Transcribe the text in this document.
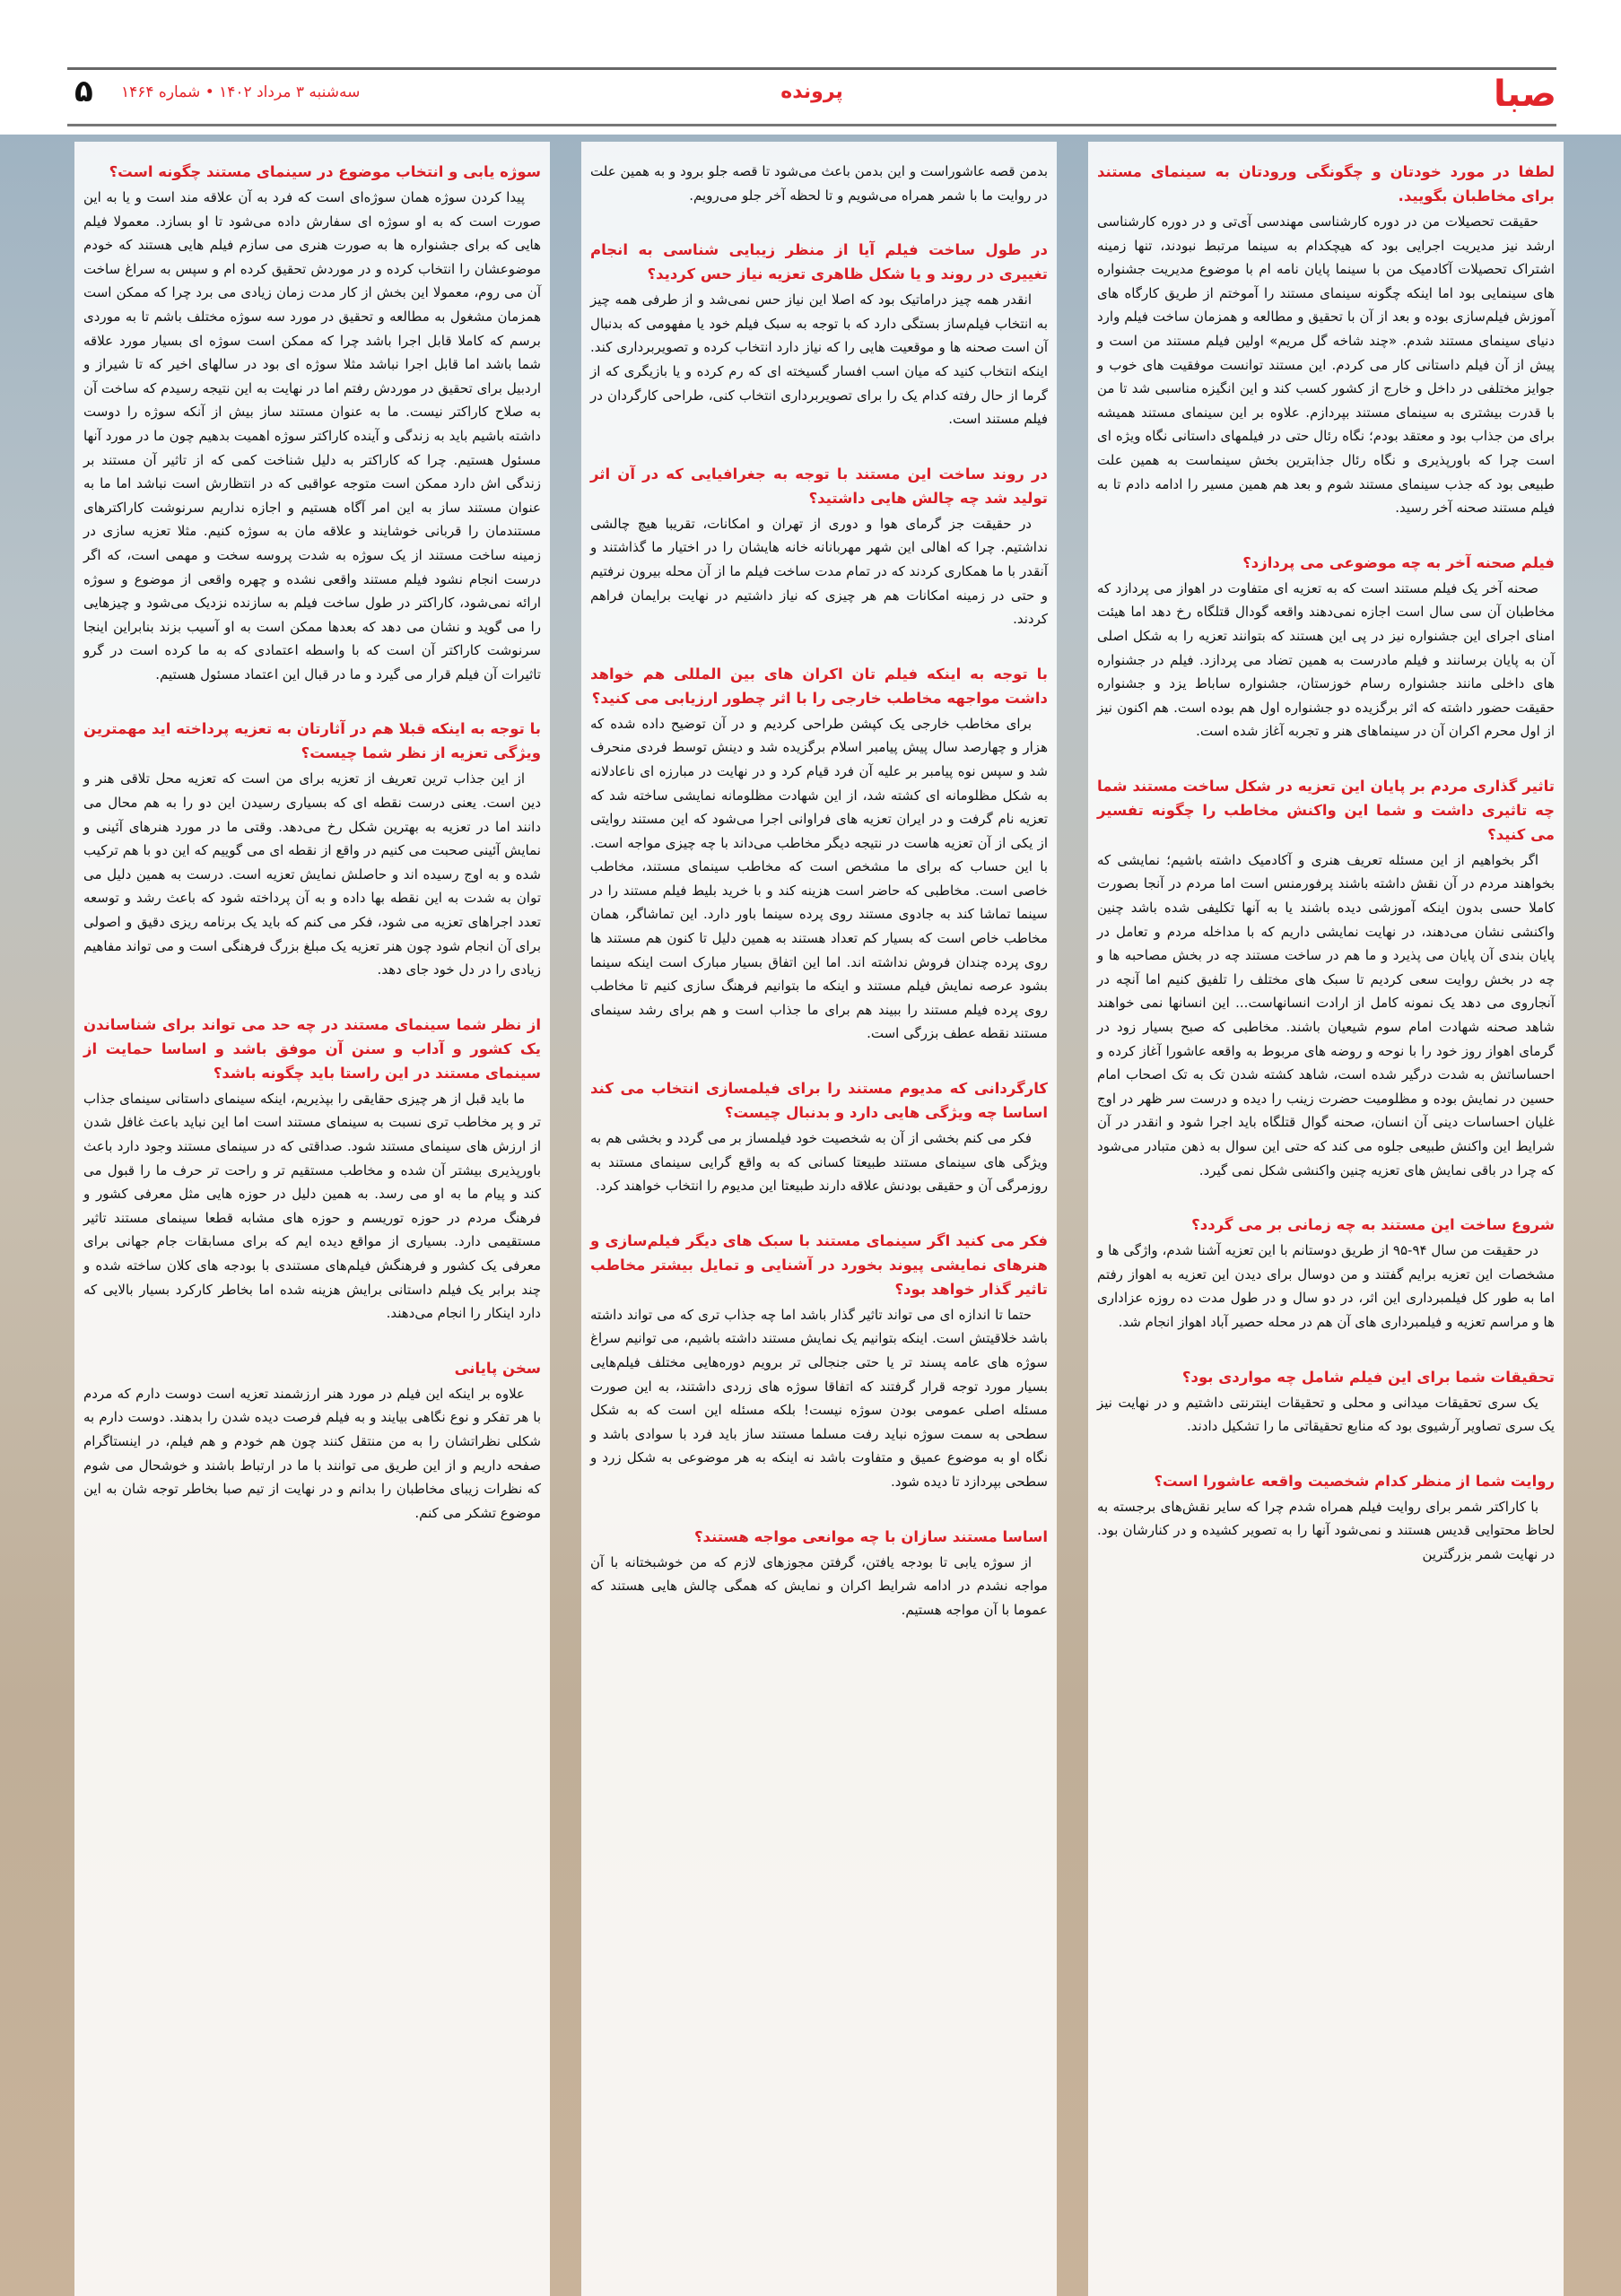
صبا
پرونده
سه‌شنبه ۳ مرداد ۱۴۰۲ • شماره ۱۴۶۴
۵
لطفا در مورد خودتان و چگونگی ورودتان به سینمای مستند برای مخاطبان بگویید.
حقیقت تحصیلات من در دوره کارشناسی مهندسی آی‌تی و در دوره کارشناسی ارشد نیز مدیریت اجرایی بود که هیچکدام به سینما مرتبط نبودند، تنها زمینه اشتراک تحصیلات آکادمیک من با سینما پایان نامه ام با موضوع مدیریت جشنواره های سینمایی بود اما اینکه چگونه سینمای مستند را آموختم از طریق کارگاه های آموزش فیلم‌سازی بوده و بعد از آن با تحقیق و مطالعه و همزمان ساخت فیلم وارد دنیای سینمای مستند شدم. «چند شاخه گل مریم» اولین فیلم مستند من است و پیش از آن فیلم داستانی کار می کردم. این مستند توانست موفقیت های خوب و جوایز مختلفی در داخل و خارج از کشور کسب کند و این انگیزه مناسبی شد تا من با قدرت بیشتری به سینمای مستند بپردازم. علاوه بر این سینمای مستند همیشه برای من جذاب بود و معتقد بودم؛ نگاه رئال حتی در فیلمهای داستانی نگاه ویژه ای است چرا که باورپذیری و نگاه رئال جذابترین بخش سینماست به همین علت طبیعی بود که جذب سینمای مستند شوم و بعد هم همین مسیر را ادامه دادم تا به فیلم مستند صحنه آخر رسید.
فیلم صحنه آخر به چه موضوعی می پردازد؟
صحنه آخر یک فیلم مستند است که به تعزیه ای متفاوت در اهواز می پردازد که مخاطبان آن سی سال است اجازه نمی‌دهند واقعه گودال قتلگاه رخ دهد اما هیئت امنای اجرای این جشنواره نیز در پی این هستند که بتوانند تعزیه را به شکل اصلی آن به پایان برسانند و فیلم مادرست به همین تضاد می پردازد. فیلم در جشنواره های داخلی مانند جشنواره رسام خوزستان، جشنواره ساباط یزد و جشنواره حقیقت حضور داشته که اثر برگزیده دو جشنواره اول هم بوده است. هم اکنون نیز از اول محرم اکران آن در سینماهای هنر و تجربه آغاز شده است.
تاثیر گذاری مردم بر پایان این تعزیه در شکل ساخت مستند شما چه تاثیری داشت و شما این واکنش مخاطب را چگونه تفسیر می کنید؟
اگر بخواهیم از این مسئله تعریف هنری و آکادمیک داشته باشیم؛ نمایشی که بخواهند مردم در آن نقش داشته باشند پرفورمنس است اما مردم در آنجا بصورت کاملا حسی بدون اینکه آموزشی دیده باشند یا به آنها تکلیفی شده باشد چنین واکنشی نشان می‌دهند، در نهایت نمایشی داریم که با مداخله مردم و تعامل در پایان بندی آن پایان می پذیرد و ما هم در ساخت مستند چه در بخش مصاحبه ها و چه در بخش روایت سعی کردیم تا سبک های مختلف را تلفیق کنیم اما آنچه در آنجاروی می دهد یک نمونه کامل از ارادت انسانهاست... این انسانها نمی خواهند شاهد صحنه شهادت امام سوم شیعیان باشند. مخاطبی که صبح بسیار زود در گرمای اهواز روز خود را با نوحه و روضه های مربوط به واقعه عاشورا آغاز کرده و احساساتش به شدت درگیر شده است، شاهد کشته شدن تک به تک اصحاب امام حسین در نمایش بوده و مظلومیت حضرت زینب را دیده و درست سر ظهر در اوج غلیان احساسات دینی آن انسان، صحنه گوال قتلگاه باید اجرا شود و انقدر در آن شرایط این واکنش طبیعی جلوه می کند که حتی این سوال به ذهن متبادر می‌شود که چرا در باقی نمایش های تعزیه چنین واکنشی شکل نمی گیرد.
شروع ساخت این مستند به چه زمانی بر می گردد؟
در حقیقت من سال ۹۴-۹۵ از طریق دوستانم با این تعزیه آشنا شدم، واژگی ها و مشخصات این تعزیه برایم گفتند و من دوسال برای دیدن این تعزیه به اهواز رفتم اما به طور کل فیلمبرداری این اثر، در دو سال و در طول مدت ده روزه عزاداری ها و مراسم تعزیه و فیلمبرداری های آن هم در محله حصیر آباد اهواز انجام شد.
تحقیقات شما برای این فیلم شامل چه مواردی بود؟
یک سری تحقیقات میدانی و محلی و تحقیقات اینترنتی داشتیم و در نهایت نیز یک سری تصاویر آرشیوی بود که منابع تحقیقاتی ما را تشکیل دادند.
روایت شما از منظر کدام شخصیت واقعه عاشورا است؟
با کاراکتر شمر برای روایت فیلم همراه شدم چرا که سایر نقش‌های برجسته به لحاظ محتوایی قدیس هستند و نمی‌شود آنها را به تصویر کشیده و در کنارشان بود. در نهایت شمر بزرگترین
بدمن قصه عاشوراست و این بدمن باعث می‌شود تا قصه جلو برود و به همین علت در روایت ما با شمر همراه می‌شویم و تا لحظه آخر جلو می‌رویم.
در طول ساخت فیلم آیا از منظر زیبایی شناسی به انجام تغییری در روند و یا شکل ظاهری تعزیه نیاز حس کردید؟
انقدر همه چیز دراماتیک بود که اصلا این نیاز حس نمی‌شد و از طرفی همه چیز به انتخاب فیلم‌ساز بستگی دارد که با توجه به سبک فیلم خود یا مفهومی که بدنبال آن است صحنه ها و موقعیت هایی را که نیاز دارد انتخاب کرده و تصویربرداری کند. اینکه انتخاب کنید که میان اسب افسار گسیخته ای که رم کرده و یا بازیگری که از گرما از حال رفته کدام یک را برای تصویربرداری انتخاب کنی، طراحی کارگردان در فیلم مستند است.
در روند ساخت این مستند با توجه به جغرافیایی که در آن اثر تولید شد چه چالش هایی داشتید؟
در حقیقت جز گرمای هوا و دوری از تهران و امکانات، تقریبا هیچ چالشی نداشتیم. چرا که اهالی این شهر مهربانانه خانه هایشان را در اختیار ما گذاشتند و آنقدر با ما همکاری کردند که در تمام مدت ساخت فیلم ما از آن محله بیرون نرفتیم و حتی در زمینه امکانات هم هر چیزی که نیاز داشتیم در نهایت برایمان فراهم کردند.
با توجه به اینکه فیلم تان اکران های بین المللی هم خواهد داشت مواجهه مخاطب خارجی را با اثر چطور ارزیابی می کنید؟
برای مخاطب خارجی یک کپشن طراحی کردیم و در آن توضیح داده شده که هزار و چهارصد سال پیش پیامبر اسلام برگزیده شد و دینش توسط فردی منحرف شد و سپس نوه پیامبر بر علیه آن فرد قیام کرد و در نهایت در مبارزه ای ناعادلانه به شکل مظلومانه ای کشته شد، از این شهادت مظلومانه نمایشی ساخته شد که تعزیه نام گرفت و در ایران تعزیه های فراوانی اجرا می‌شود که این مستند روایتی از یکی از آن تعزیه هاست در نتیجه دیگر مخاطب می‌داند با چه چیزی مواجه است. با این حساب که برای ما مشخص است که مخاطب سینمای مستند، مخاطب خاصی است. مخاطبی که حاضر است هزینه کند و با خرید بلیط فیلم مستند را در سینما تماشا کند به جادوی مستند روی پرده سینما باور دارد. این تماشاگر، همان مخاطب خاص است که بسیار کم تعداد هستند به همین دلیل تا کنون هم مستند ها روی پرده چندان فروش نداشته اند. اما این اتفاق بسیار مبارک است اینکه سینما بشود عرصه نمایش فیلم مستند و اینکه ما بتوانیم فرهنگ سازی کنیم تا مخاطب روی پرده فیلم مستند را ببیند هم برای ما جذاب است و هم برای رشد سینمای مستند نقطه عطف بزرگی است.
کارگردانی که مدیوم مستند را برای فیلمسازی انتخاب می کند اساسا چه ویژگی هایی دارد و بدنبال چیست؟
فکر می کنم بخشی از آن به شخصیت خود فیلمساز بر می گردد و بخشی هم به ویژگی های سینمای مستند طبیعتا کسانی که به واقع گرایی سینمای مستند به روزمرگی آن و حقیقی بودنش علاقه دارند طبیعتا این مدیوم را انتخاب خواهند کرد.
فکر می کنید اگر سینمای مستند با سبک های دیگر فیلم‌سازی و هنرهای نمایشی پیوند بخورد در آشنایی و تمایل بیشتر مخاطب تاثیر گذار خواهد بود؟
حتما تا اندازه ای می تواند تاثیر گذار باشد اما چه جذاب تری که می تواند داشته باشد خلاقیتش است. اینکه بتوانیم یک نمایش مستند داشته باشیم، می توانیم سراغ سوژه های عامه پسند تر یا حتی جنجالی تر برویم دوره‌هایی مختلف فیلم‌هایی بسیار مورد توجه قرار گرفتند که اتفاقا سوژه های زردی داشتند، به این صورت مسئله اصلی عمومی بودن سوژه نیست! بلکه مسئله این است که به شکل سطحی به سمت سوژه نباید رفت مسلما مستند ساز باید فرد با سوادی باشد و نگاه او به موضوع عمیق و متفاوت باشد نه اینکه به هر موضوعی به شکل زرد و سطحی بپردازد تا دیده شود.
اساسا مستند سازان با چه موانعی مواجه هستند؟
از سوژه یابی تا بودجه یافتن، گرفتن مجوزهای لازم که من خوشبختانه با آن مواجه نشدم در ادامه شرایط اکران و نمایش که همگی چالش هایی هستند که عموما با آن مواجه هستیم.
سوژه یابی و انتخاب موضوع در سینمای مستند چگونه است؟
پیدا کردن سوژه همان سوژه‌ای است که فرد به آن علاقه مند است و یا به این صورت است که به او سوژه ای سفارش داده می‌شود تا او بسازد. معمولا فیلم هایی که برای جشنواره ها به صورت هنری می سازم فیلم هایی هستند که خودم موضوعشان را انتخاب کرده و در موردش تحقیق کرده ام و سپس به سراغ ساخت آن می روم، معمولا این بخش از کار مدت زمان زیادی می برد چرا که ممکن است همزمان مشغول به مطالعه و تحقیق در مورد سه سوژه مختلف باشم تا به موردی برسم که کاملا قابل اجرا باشد چرا که ممکن است سوژه ای بسیار مورد علاقه شما باشد اما قابل اجرا نباشد مثلا سوژه ای بود در سالهای اخیر که تا شیراز و اردبیل برای تحقیق در موردش رفتم اما در نهایت به این نتیجه رسیدم که ساخت آن به صلاح کاراکتر نیست. ما به عنوان مستند ساز بیش از آنکه سوژه را دوست داشته باشیم باید به زندگی و آینده کاراکتر سوژه اهمیت بدهیم چون ما در مورد آنها مسئول هستیم. چرا که کاراکتر به دلیل شناخت کمی که از تاثیر آن مستند بر زندگی اش دارد ممکن است متوجه عواقبی که در انتظارش است نباشد اما ما به عنوان مستند ساز به این امر آگاه هستیم و اجازه نداریم سرنوشت کاراکترهای مستندمان را قربانی خوشایند و علاقه مان به سوژه کنیم. مثلا تعزیه سازی در زمینه ساخت مستند از یک سوژه به شدت پروسه سخت و مهمی است، که اگر درست انجام نشود فیلم مستند واقعی نشده و چهره واقعی از موضوع و سوژه ارائه نمی‌شود، کاراکتر در طول ساخت فیلم به سازنده نزدیک می‌شود و چیزهایی را می گوید و نشان می دهد که بعدها ممکن است به او آسیب بزند بنابراین اینجا سرنوشت کاراکتر آن است که با واسطه اعتمادی که به ما کرده است در گرو تاثیرات آن فیلم قرار می گیرد و ما در قبال این اعتماد مسئول هستیم.
با توجه به اینکه قبلا هم در آثارتان به تعزیه پرداخته اید مهمترین ویژگی تعزیه از نظر شما چیست؟
از این جذاب ترین تعریف از تعزیه برای من است که تعزیه محل تلاقی هنر و دین است. یعنی درست نقطه ای که بسیاری رسیدن این دو را به هم محال می دانند اما در تعزیه به بهترین شکل رخ می‌دهد. وقتی ما در مورد هنرهای آئینی و نمایش آئینی صحبت می کنیم در واقع از نقطه ای می گوییم که این دو با هم ترکیب شده و به اوج رسیده اند و حاصلش نمایش تعزیه است. درست به همین دلیل می توان به شدت به این نقطه بها داده و به آن پرداخته شود که باعث رشد و توسعه تعدد اجراهای تعزیه می شود، فکر می کنم که باید یک برنامه ریزی دقیق و اصولی برای آن انجام شود چون هنر تعزیه یک مبلغ بزرگ فرهنگی است و می تواند مفاهیم زیادی را در دل خود جای دهد.
از نظر شما سینمای مستند در چه حد می تواند برای شناساندن یک کشور و آداب و سنن آن موفق باشد و اساسا حمایت از سینمای مستند در این راستا باید چگونه باشد؟
ما باید قبل از هر چیزی حقایقی را بپذیریم، اینکه سینمای داستانی سینمای جذاب تر و پر مخاطب تری نسبت به سینمای مستند است اما این نباید باعث غافل شدن از ارزش های سینمای مستند شود. صداقتی که در سینمای مستند وجود دارد باعث باورپذیری بیشتر آن شده و مخاطب مستقیم تر و راحت تر حرف ما را قبول می کند و پیام ما به او می رسد. به همین دلیل در حوزه هایی مثل معرفی کشور و فرهنگ مردم در حوزه توریسم و حوزه های مشابه قطعا سینمای مستند تاثیر مستقیمی دارد. بسیاری از مواقع دیده ایم که برای مسابقات جام جهانی برای معرفی یک کشور و فرهنگش فیلم‌های مستندی با بودجه های کلان ساخته شده و چند برابر یک فیلم داستانی برایش هزینه شده اما بخاطر کارکرد بسیار بالایی که دارد اینکار را انجام می‌دهند.
سخن پایانی
علاوه بر اینکه این فیلم در مورد هنر ارزشمند تعزیه است دوست دارم که مردم با هر تفکر و نوع نگاهی بیایند و به فیلم فرصت دیده شدن را بدهند. دوست دارم به شکلی نظراتشان را به من منتقل کنند چون هم خودم و هم فیلم، در اینستاگرام صفحه داریم و از این طریق می توانند با ما در ارتباط باشند و خوشحال می شوم که نظرات زیبای مخاطبان را بدانم و در نهایت از تیم صبا بخاطر توجه شان به این موضوع تشکر می کنم.
